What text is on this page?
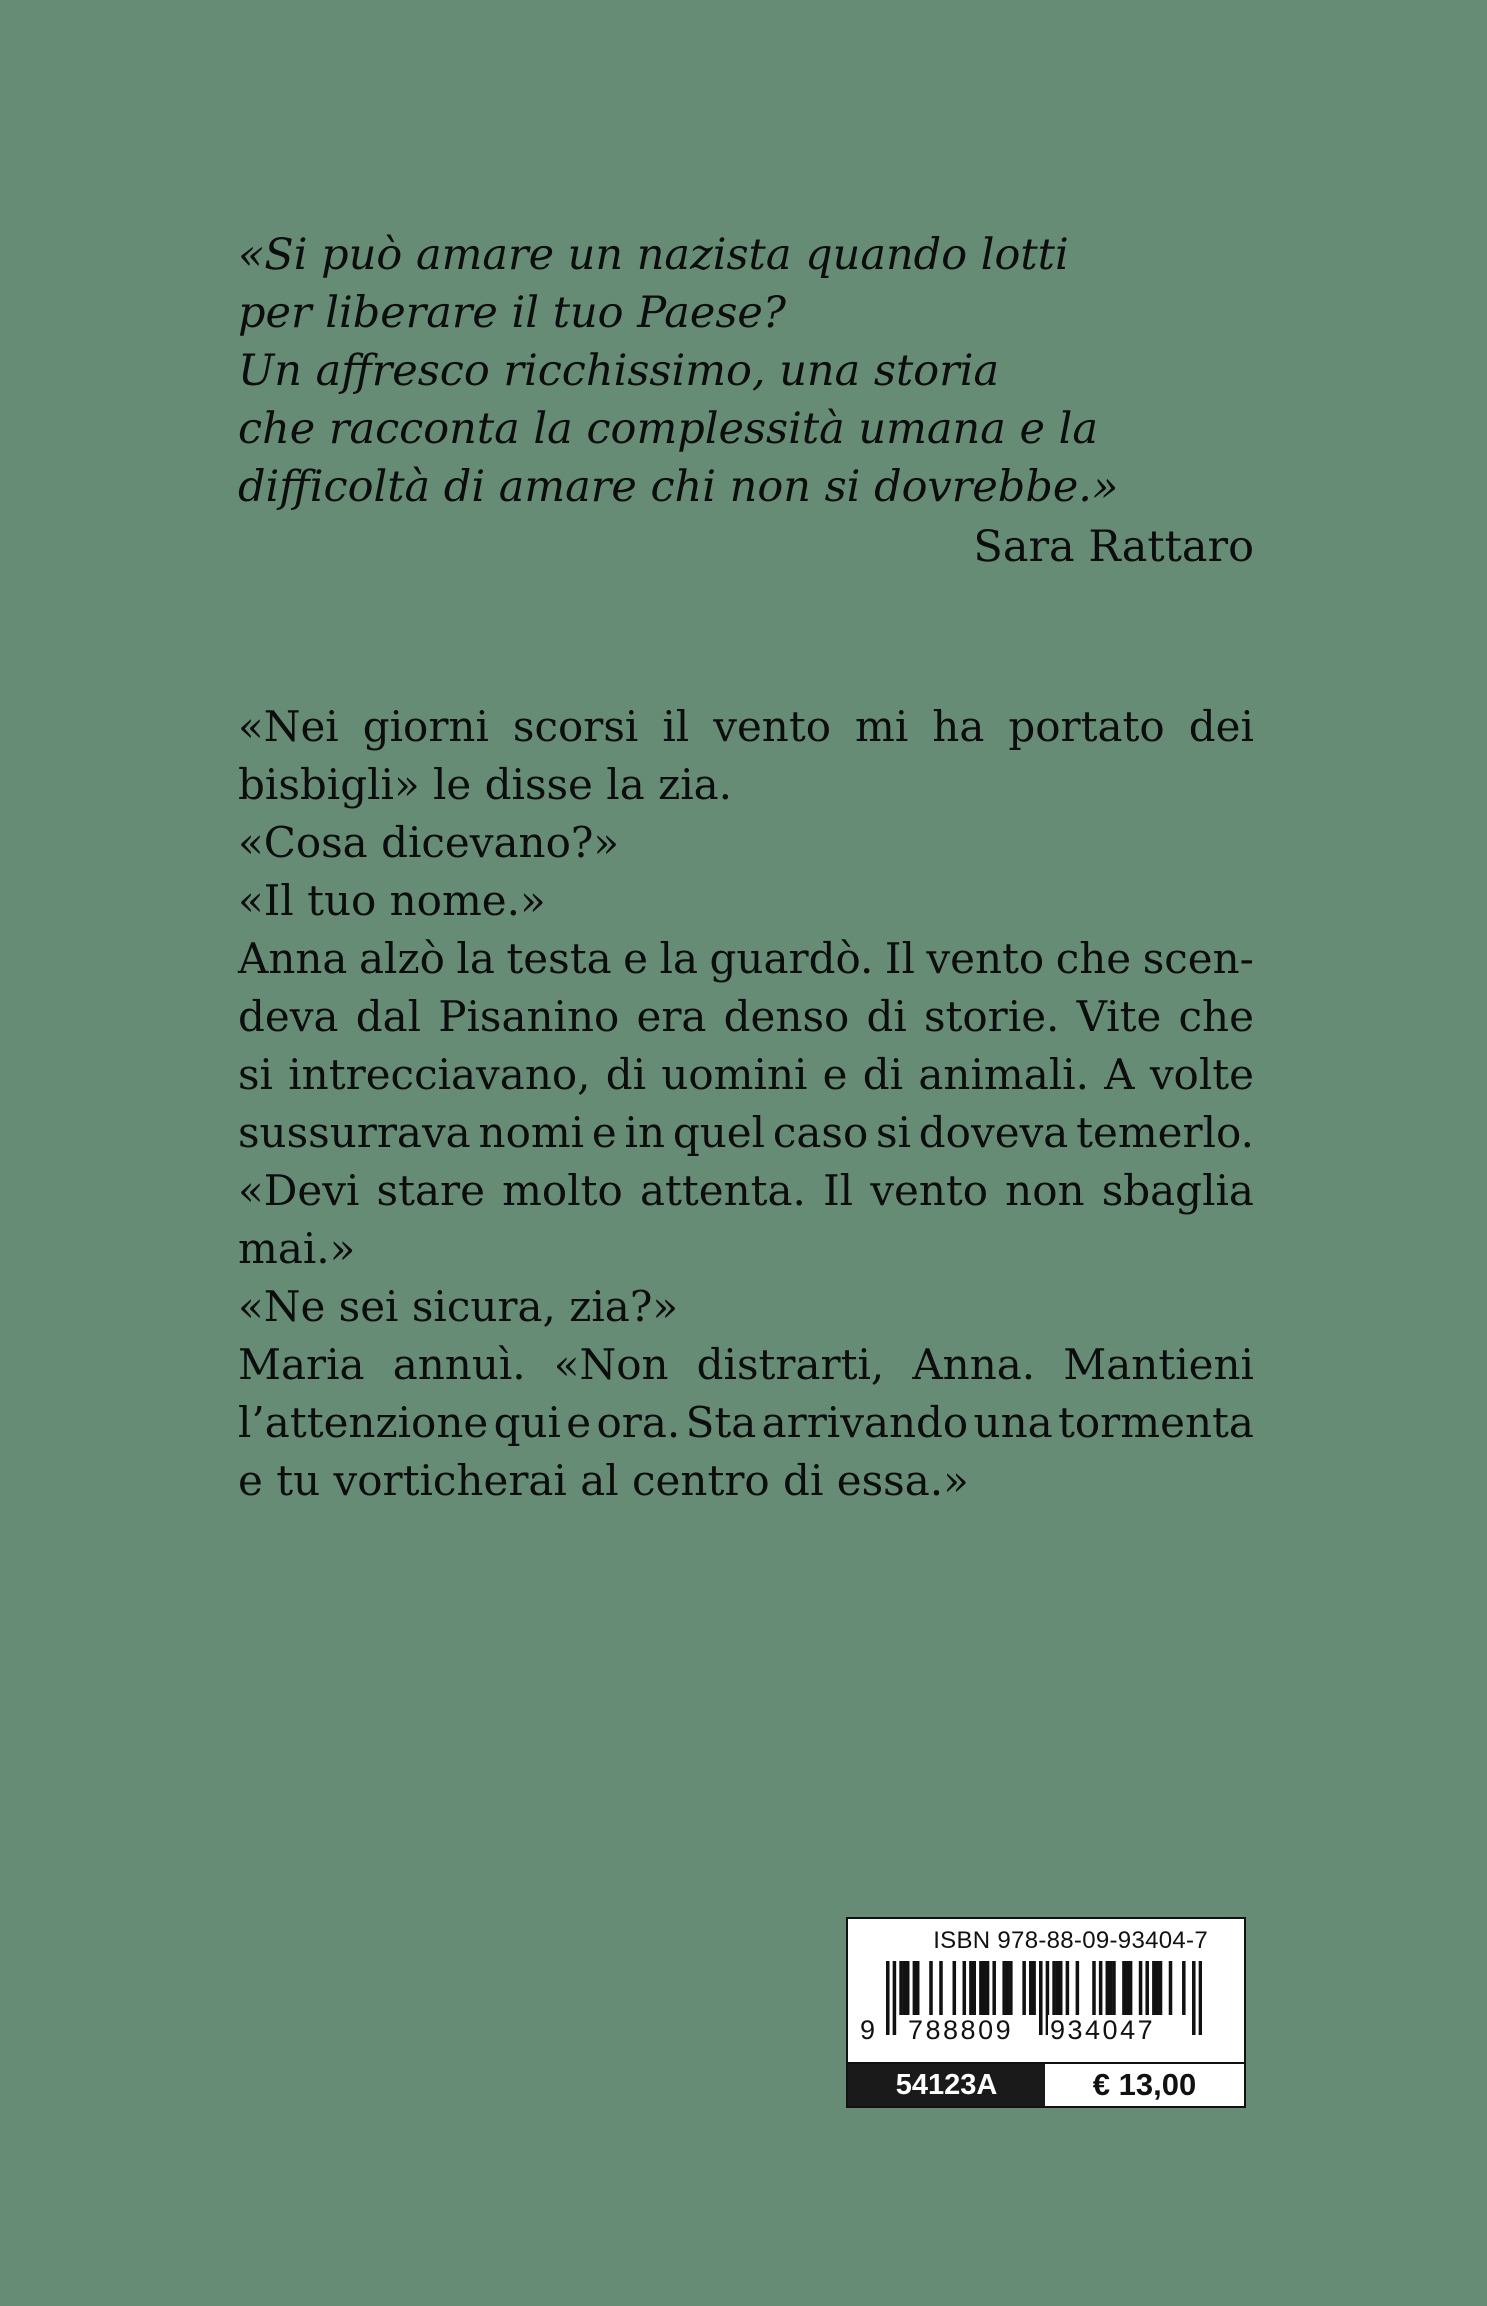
«Si può amare un nazista quando lotti
per liberare il tuo Paese?
Un affresco ricchissimo, una storia
che racconta la complessità umana e la
difficoltà di amare chi non si dovrebbe.»
Sara Rattaro
«Nei giorni scorsi il vento mi ha portato dei
bisbigli» le disse la zia.
«Cosa dicevano?»
«Il tuo nome.»
Anna alzò la testa e la guardò. Il vento che scen-
deva dal Pisanino era denso di storie. Vite che
si intrecciavano, di uomini e di animali. A volte
sussurrava nomi e in quel caso si doveva temerlo.
«Devi stare molto attenta. Il vento non sbaglia
mai.»
«Ne sei sicura, zia?»
Maria annuì. «Non distrarti, Anna. Mantieni
l’attenzione qui e ora. Sta arrivando una tormenta
e tu vorticherai al centro di essa.»
ISBN 978-88-09-93404-7
9 788809 934047
54123A	€ 13,00
